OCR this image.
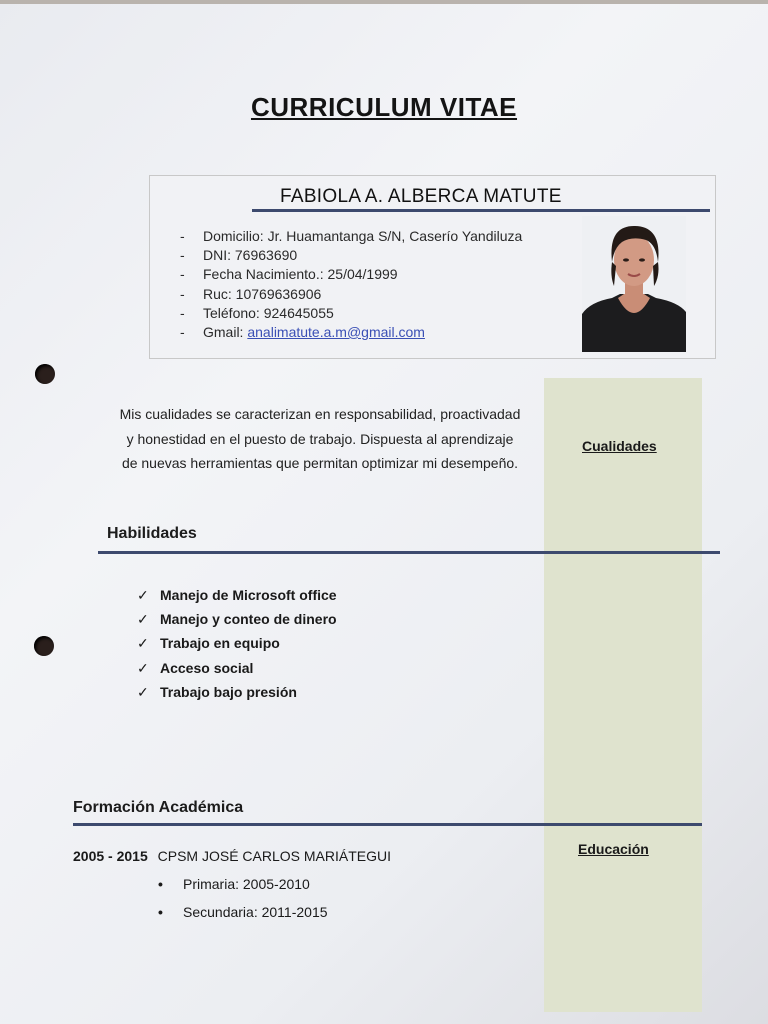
CURRICULUM VITAE
FABIOLA A. ALBERCA MATUTE
- Domicilio: Jr. Huamantanga S/N, Caserío Yandiluza
- DNI: 76963690
- Fecha Nacimiento.: 25/04/1999
- Ruc: 10769636906
- Teléfono: 924645055
- Gmail: analimatute.a.m@gmail.com
Mis cualidades se caracterizan en responsabilidad, proactivadad
y honestidad en el puesto de trabajo. Dispuesta al aprendizaje
de nuevas herramientas que permitan optimizar mi desempeño.
Cualidades
Habilidades
✓ Manejo de Microsoft office
✓ Manejo y conteo de dinero
✓ Trabajo en equipo
✓ Acceso social
✓ Trabajo bajo presión
Formación Académica
Educación
2005 - 2015 CPSM JOSÉ CARLOS MARIÁTEGUI
• Primaria: 2005-2010
• Secundaria: 2011-2015
